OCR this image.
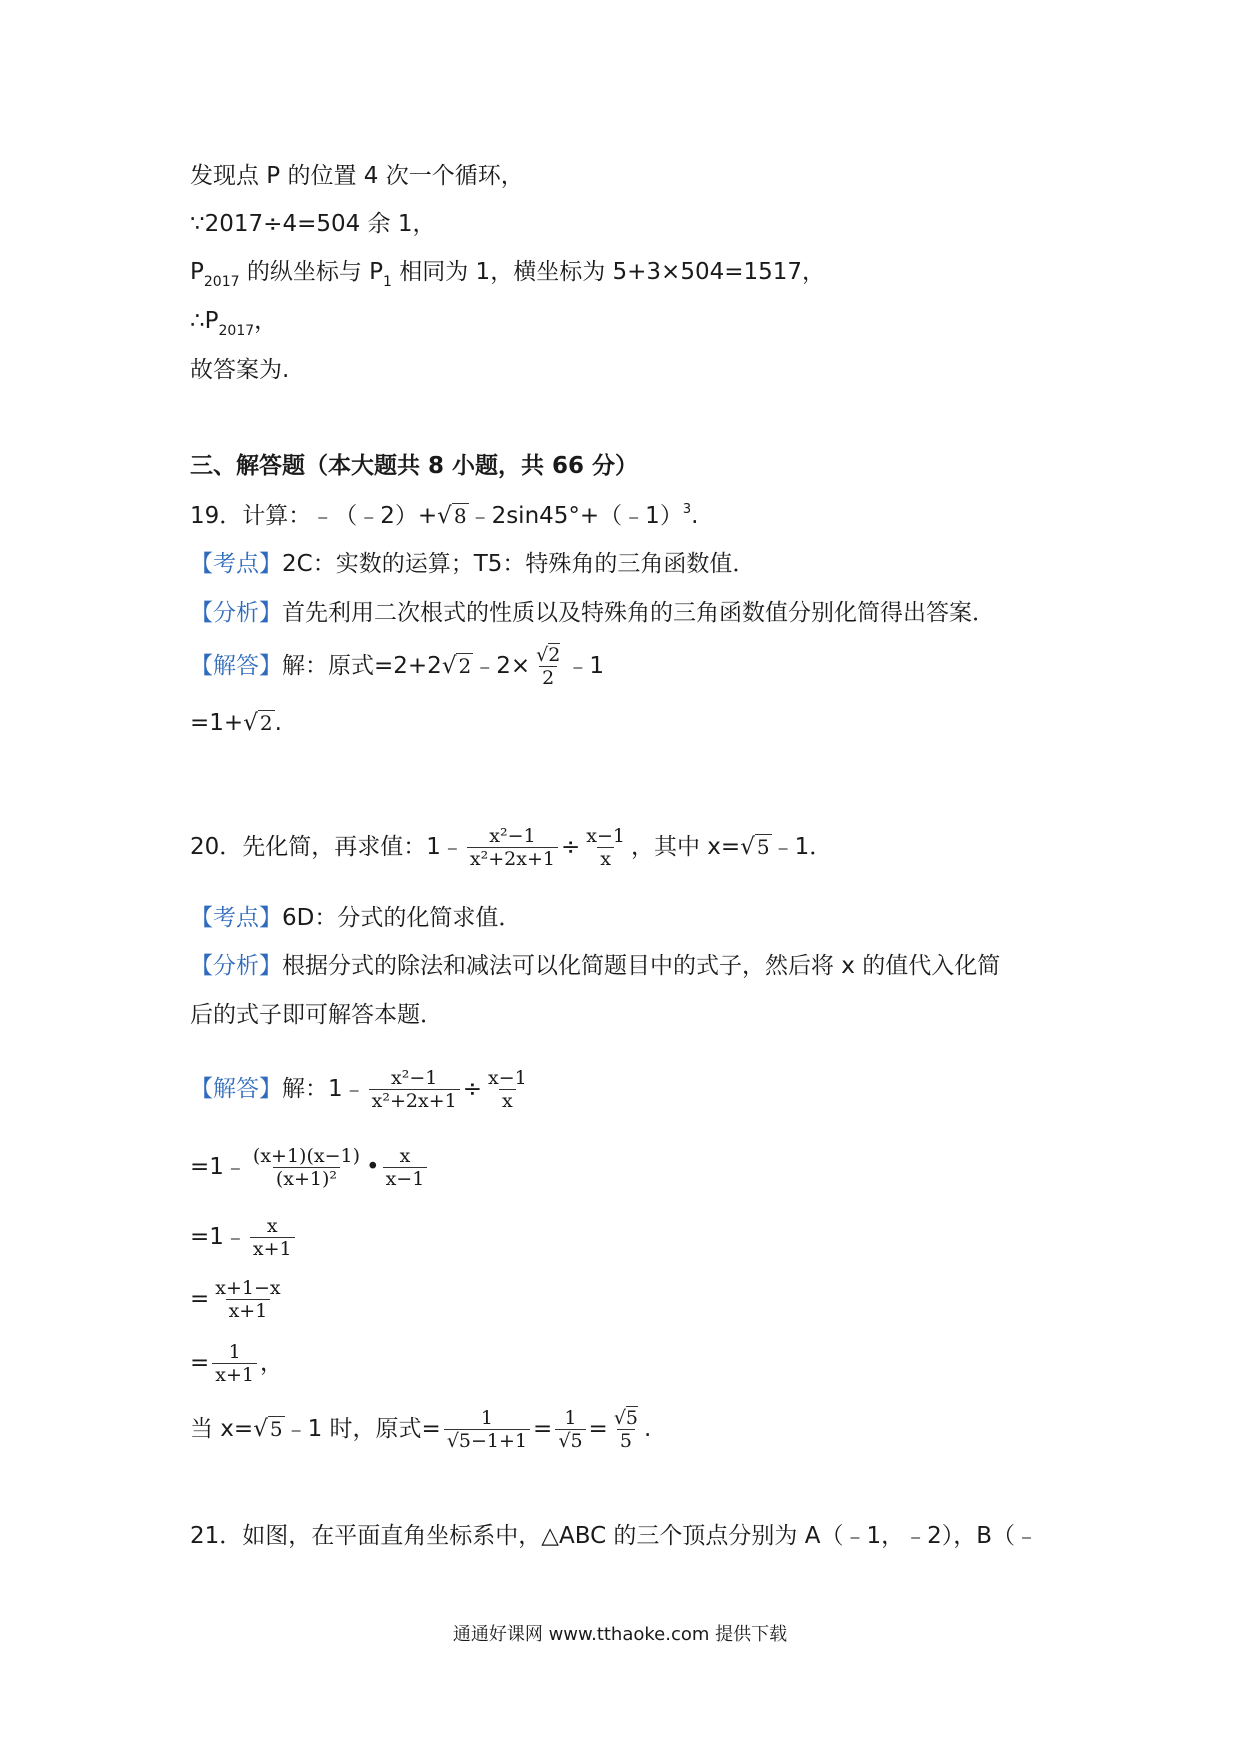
发现点 P 的位置 4 次一个循环，
∵2017÷4=504 余 1，
$P_{2017}$ 的纵坐标与 $P_1$ 相同为 1，横坐标为 5+3×504=1517，
$\therefore P_{2017}$，
故答案为.
三、解答题（本大题共 8 小题，共 66 分）
19．计算：﹣（﹣2）+√ 8﹣2sin45°+（﹣1）$^3$.
【考点】2C：实数的运算；T5：特殊角的三角函数值．
【分析】首先利用二次根式的性质以及特殊角的三角函数值分别化简得出答案．
【解答】解：原式=2+2√ 2﹣2× $\frac{√2}{2}$ ﹣1
=1+√ 2.
20．先化简，再求值：1﹣ $\frac{\text{x²−1}}{\text{x²+2x+1}} \div \frac{x-1}{x}$ ，其中 x=√ 5﹣1．
【考点】6D：分式的化简求值．
【分析】根据分式的除法和减法可以化简题目中的式子，然后将 x 的值代入化简
后的式子即可解答本题．
【解答】解：1﹣ $\frac{\text{x²−1}}{\text{x²+2x+1}} \div \frac{x-1}{x}$
=1﹣ $\frac{(x+1)(x-1)}{\text{(x+1)²}}$ • $\frac{x}{x-1}$
=1﹣ $\frac{x}{x+1}$
= $\frac{x+1-x}{x+1}$
= $\frac{1}{x+1}$ ，
当 x=√ 5﹣1 时，原式= $\frac{1}{√5-1+1} = \frac{1}{√5} = \frac{√5}{5}$ .
21．如图，在平面直角坐标系中，△ABC 的三个顶点分别为 A（﹣1，﹣2），B（﹣
通通好课网 www.tthaoke.com 提供下载
